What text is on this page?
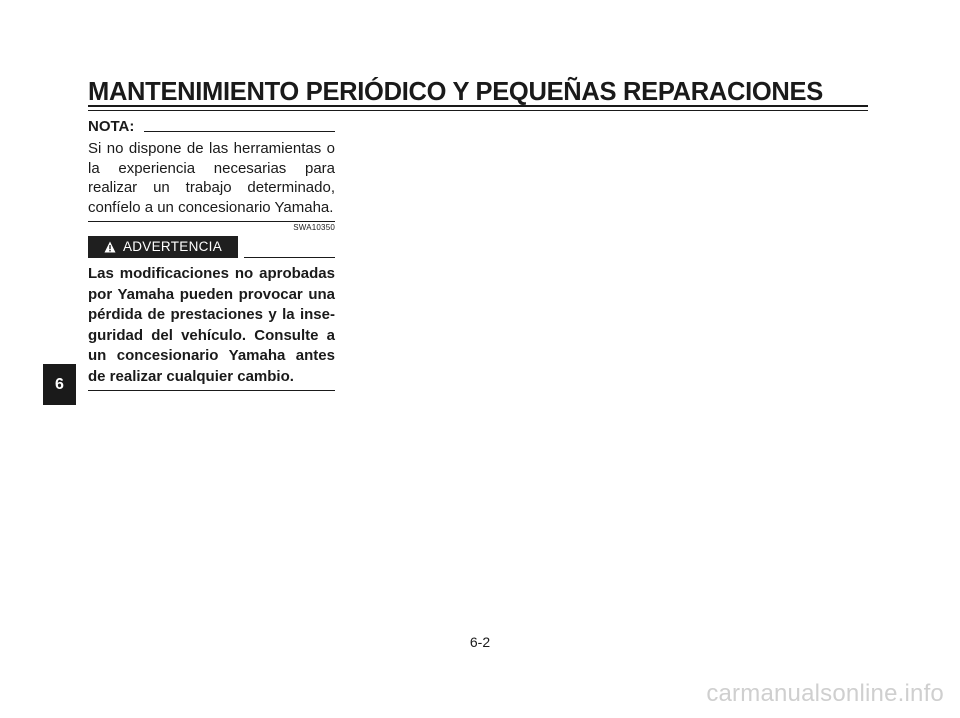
MANTENIMIENTO PERIÓDICO Y PEQUEÑAS REPARACIONES
NOTA:
Si no dispone de las herramientas o la experiencia necesarias para realizar un trabajo determinado, confíelo a un concesionario Yamaha.
SWA10350
ADVERTENCIA
Las modificaciones no aprobadas por Yamaha pueden provocar una pérdida de prestaciones y la inse- guridad del vehículo. Consulte a un concesionario Yamaha antes de realizar cualquier cambio.
6
6-2
carmanualsonline.info
